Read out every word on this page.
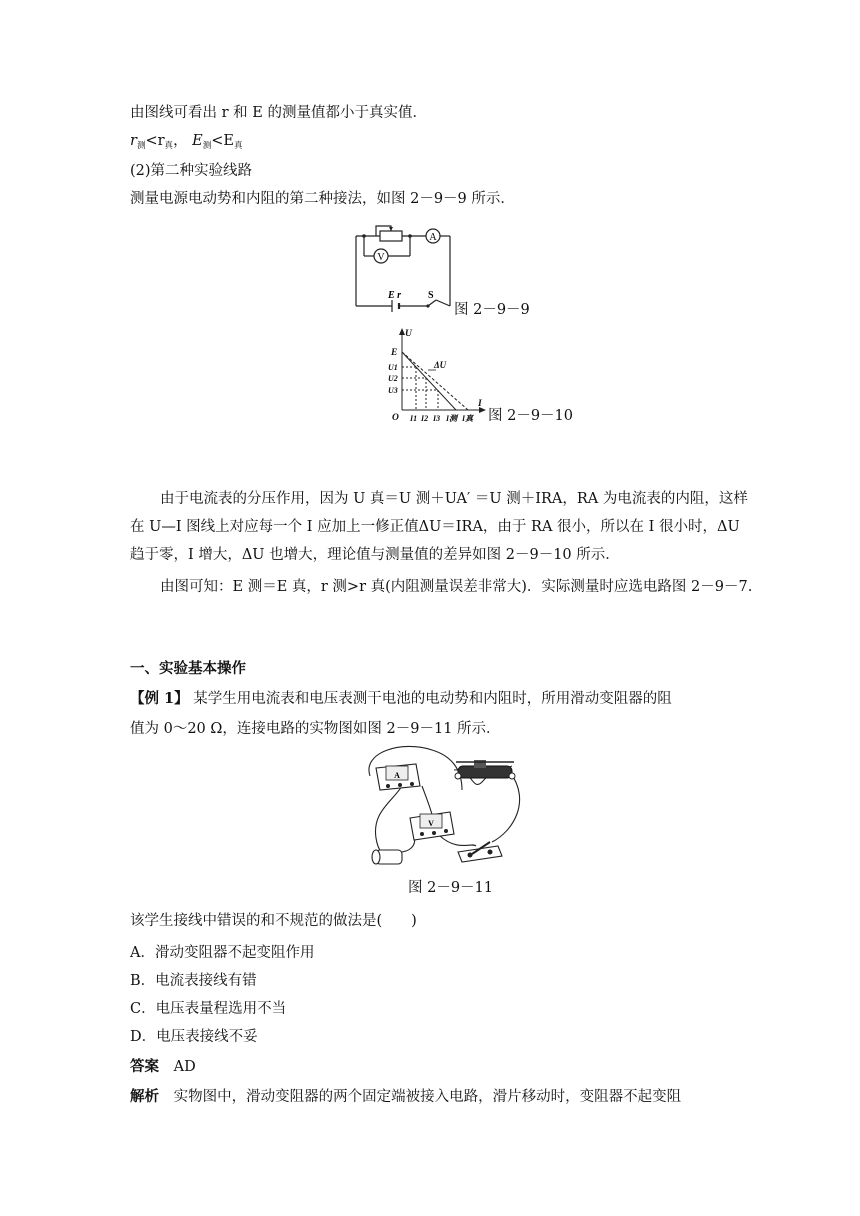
由图线可看出 r 和 E 的测量值都小于真实值．
$r_测<r_真$， $E_测<E_真$
(2)第二种实验线路
测量电源电动势和内阻的第二种接法，如图 2－9－9 所示．
A
V
E r	S
图 2－9－9
U
I
O
E
U1
U2
U3
I1 I2 I3 I测 I真
ΔU
图 2－9－10
由于电流表的分压作用，因为 U 真＝U 测＋UA′ ＝U 测＋IRA，RA 为电流表的内阻，这样
在 U—I 图线上对应每一个 I 应加上一修正值ΔU＝IRA，由于 RA 很小，所以在 I 很小时，ΔU
趋于零，I 增大，ΔU 也增大，理论值与测量值的差异如图 2－9－10 所示．
由图可知：E 测＝E 真，r 测>r 真(内阻测量误差非常大)．实际测量时应选电路图 2－9－7.
一、实验基本操作
【例 1】 某学生用电流表和电压表测干电池的电动势和内阻时，所用滑动变阻器的阻
值为 0～20 Ω，连接电路的实物图如图 2－9－11 所示．
A
V
图 2－9－11
该学生接线中错误的和不规范的做法是(　　)
A．滑动变阻器不起变阻作用
B．电流表接线有错
C．电压表量程选用不当
D．电压表接线不妥
答案 AD
解析 实物图中，滑动变阻器的两个固定端被接入电路，滑片移动时，变阻器不起变阻
